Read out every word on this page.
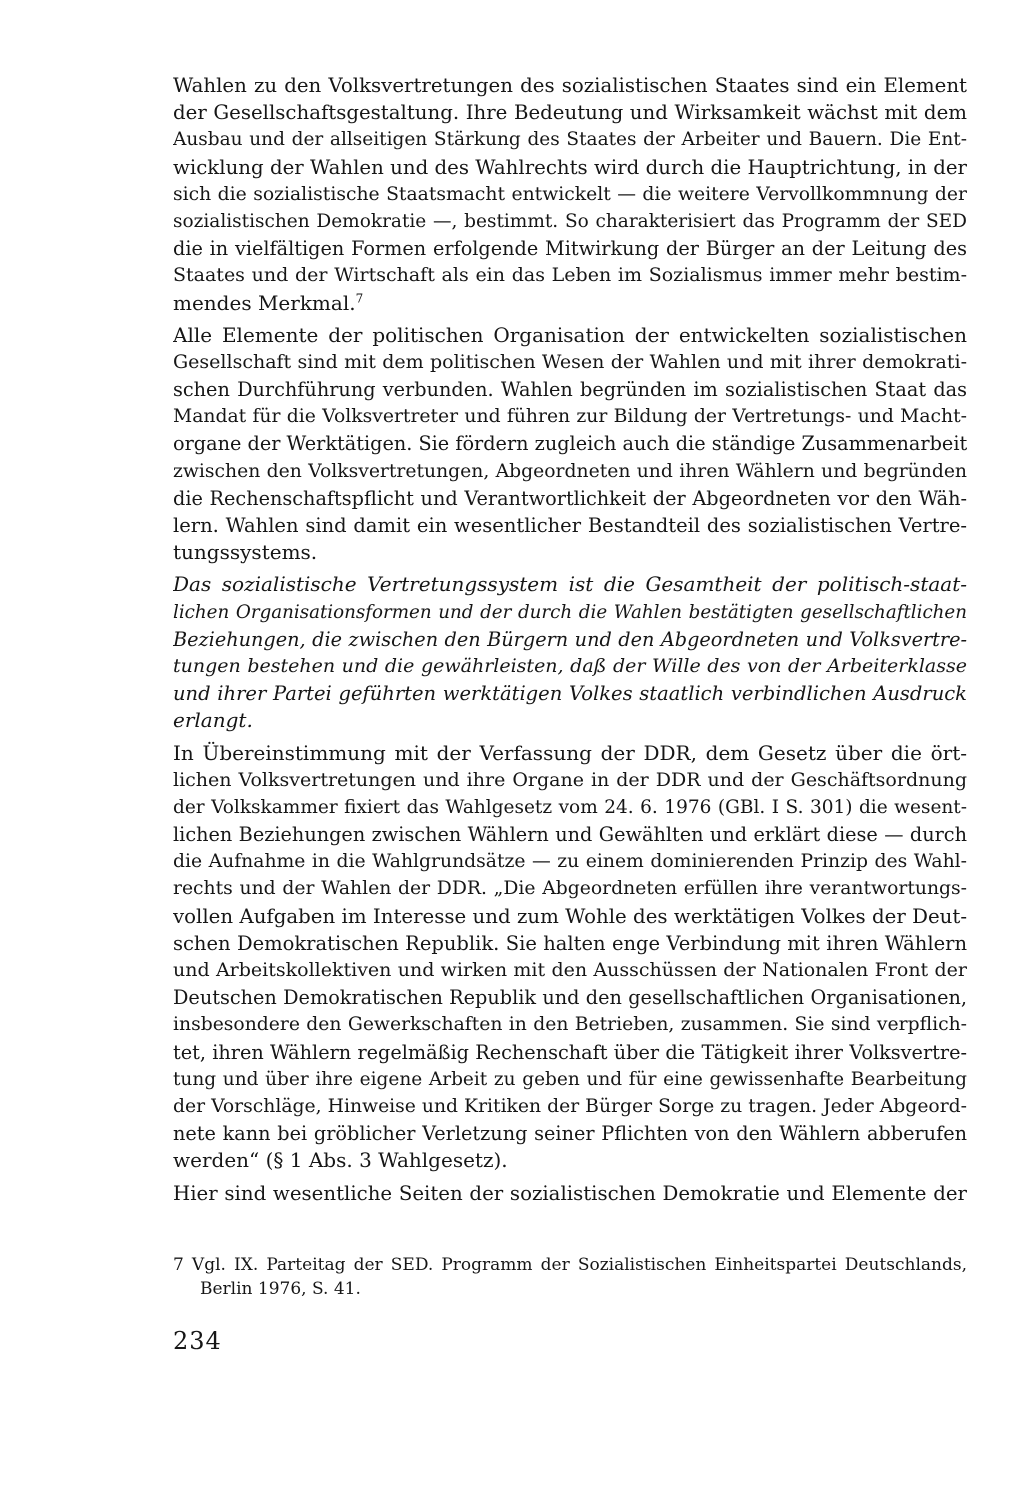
Wahlen zu den Volksvertretungen des sozialistischen Staates sind ein Element
der Gesellschaftsgestaltung. Ihre Bedeutung und Wirksamkeit wächst mit dem
Ausbau und der allseitigen Stärkung des Staates der Arbeiter und Bauern. Die Ent-
wicklung der Wahlen und des Wahlrechts wird durch die Hauptrichtung, in der
sich die sozialistische Staatsmacht entwickelt — die weitere Vervollkommnung der
sozialistischen Demokratie —, bestimmt. So charakterisiert das Programm der SED
die in vielfältigen Formen erfolgende Mitwirkung der Bürger an der Leitung des
Staates und der Wirtschaft als ein das Leben im Sozialismus immer mehr bestim-
mendes Merkmal.$^7$

Alle Elemente der politischen Organisation der entwickelten sozialistischen
Gesellschaft sind mit dem politischen Wesen der Wahlen und mit ihrer demokrati-
schen Durchführung verbunden. Wahlen begründen im sozialistischen Staat das
Mandat für die Volksvertreter und führen zur Bildung der Vertretungs- und Macht-
organe der Werktätigen. Sie fördern zugleich auch die ständige Zusammenarbeit
zwischen den Volksvertretungen, Abgeordneten und ihren Wählern und begründen
die Rechenschaftspflicht und Verantwortlichkeit der Abgeordneten vor den Wäh-
lern. Wahlen sind damit ein wesentlicher Bestandteil des sozialistischen Vertre-
tungssystems.

Das sozialistische Vertretungssystem ist die Gesamtheit der politisch-staat-
lichen Organisationsformen und der durch die Wahlen bestätigten gesellschaftlichen
Beziehungen, die zwischen den Bürgern und den Abgeordneten und Volksvertre-
tungen bestehen und die gewährleisten, daß der Wille des von der Arbeiterklasse
und ihrer Partei geführten werktätigen Volkes staatlich verbindlichen Ausdruck
erlangt.

In Übereinstimmung mit der Verfassung der DDR, dem Gesetz über die ört-
lichen Volksvertretungen und ihre Organe in der DDR und der Geschäftsordnung
der Volkskammer fixiert das Wahlgesetz vom 24. 6. 1976 (GBl. I S. 301) die wesent-
lichen Beziehungen zwischen Wählern und Gewählten und erklärt diese — durch
die Aufnahme in die Wahlgrundsätze — zu einem dominierenden Prinzip des Wahl-
rechts und der Wahlen der DDR. „Die Abgeordneten erfüllen ihre verantwortungs-
vollen Aufgaben im Interesse und zum Wohle des werktätigen Volkes der Deut-
schen Demokratischen Republik. Sie halten enge Verbindung mit ihren Wählern
und Arbeitskollektiven und wirken mit den Ausschüssen der Nationalen Front der
Deutschen Demokratischen Republik und den gesellschaftlichen Organisationen,
insbesondere den Gewerkschaften in den Betrieben, zusammen. Sie sind verpflich-
tet, ihren Wählern regelmäßig Rechenschaft über die Tätigkeit ihrer Volksvertre-
tung und über ihre eigene Arbeit zu geben und für eine gewissenhafte Bearbeitung
der Vorschläge, Hinweise und Kritiken der Bürger Sorge zu tragen. Jeder Abgeord-
nete kann bei gröblicher Verletzung seiner Pflichten von den Wählern abberufen
werden“ (§ 1 Abs. 3 Wahlgesetz).

Hier sind wesentliche Seiten der sozialistischen Demokratie und Elemente der

7 Vgl. IX. Parteitag der SED. Programm der Sozialistischen Einheitspartei Deutschlands,
Berlin 1976, S. 41.
234
